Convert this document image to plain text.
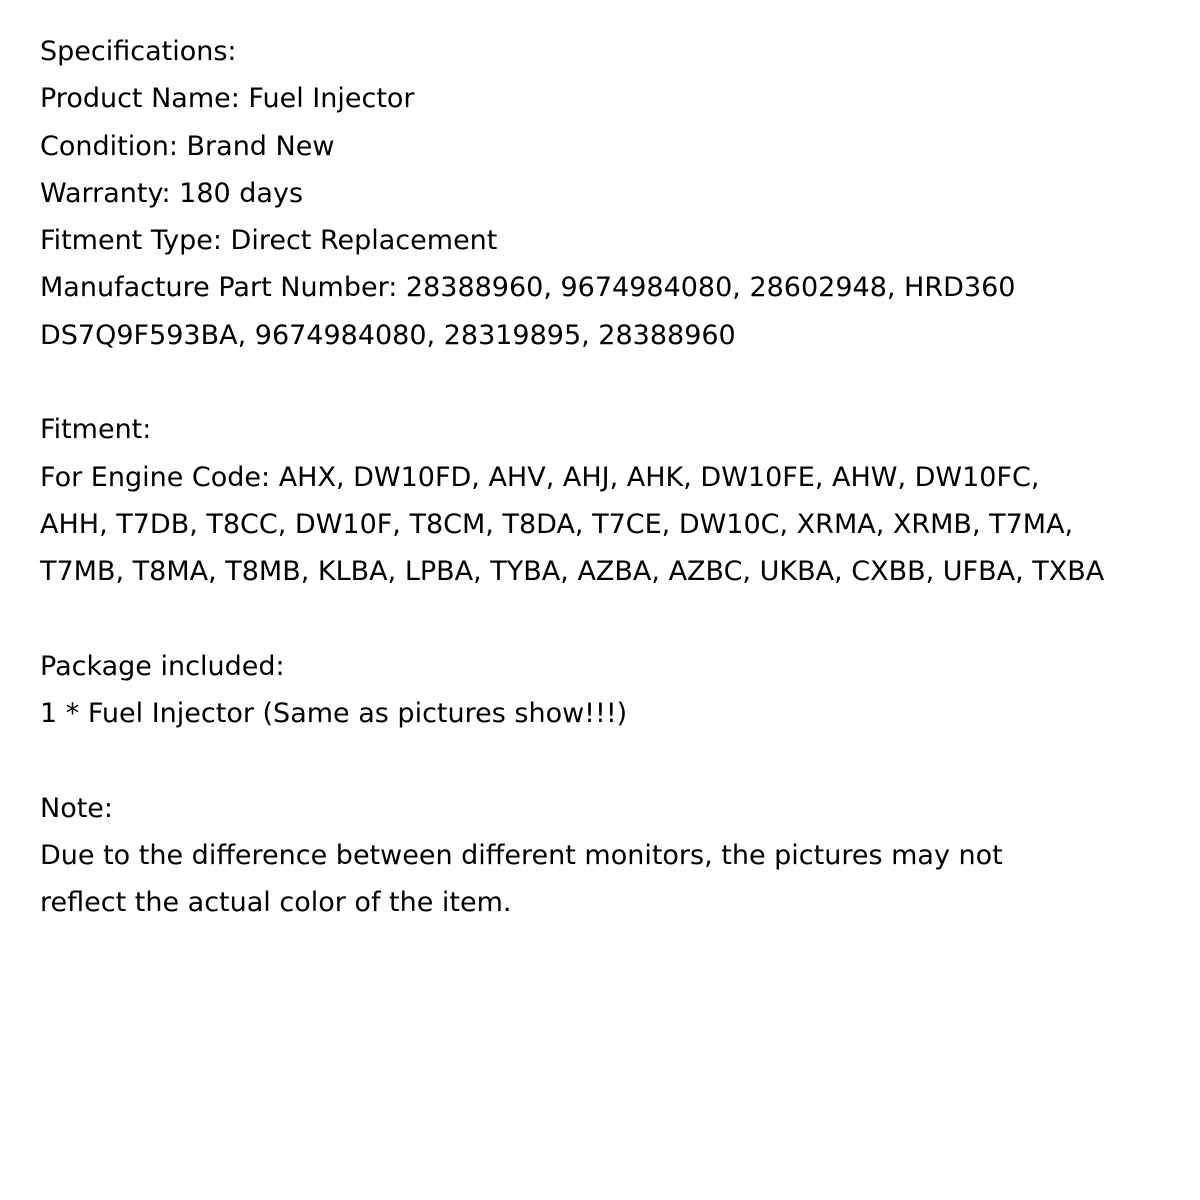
Specifications:
Product Name: Fuel Injector
Condition: Brand New
Warranty: 180 days
Fitment Type: Direct Replacement
Manufacture Part Number: 28388960, 9674984080, 28602948, HRD360
DS7Q9F593BA, 9674984080, 28319895, 28388960
Fitment:
For Engine Code: AHX, DW10FD, AHV, AHJ, AHK, DW10FE, AHW, DW10FC,
AHH, T7DB, T8CC, DW10F, T8CM, T8DA, T7CE, DW10C, XRMA, XRMB, T7MA,
T7MB, T8MA, T8MB, KLBA, LPBA, TYBA, AZBA, AZBC, UKBA, CXBB, UFBA, TXBA
Package included:
1 * Fuel Injector (Same as pictures show!!!)
Note:
Due to the difference between different monitors, the pictures may not
reflect the actual color of the item.
